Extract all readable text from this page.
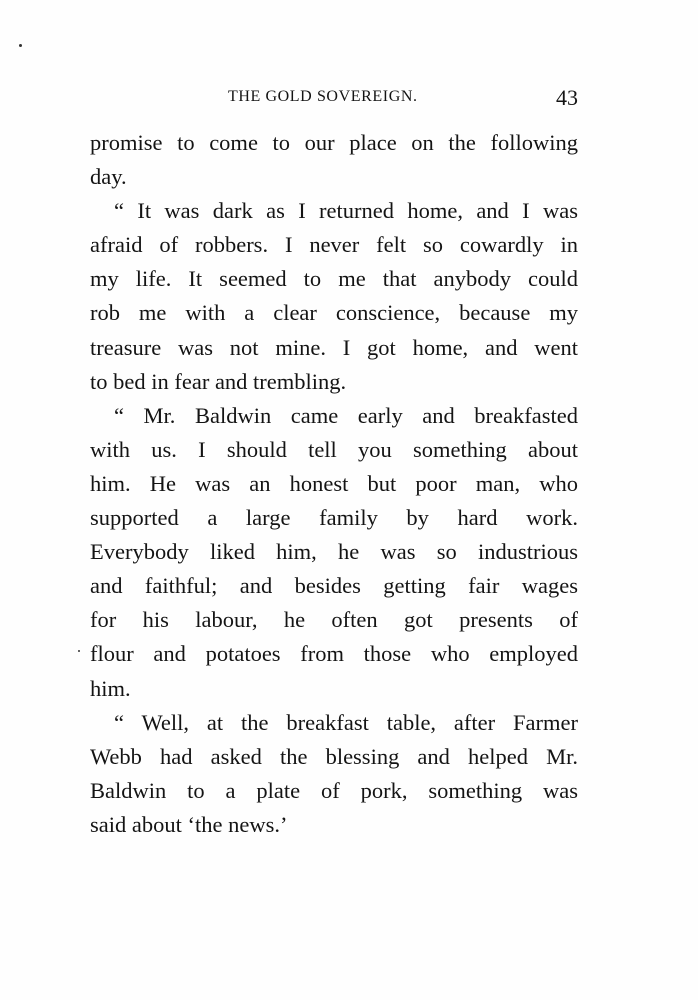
THE GOLD SOVEREIGN.	43

promise to come to our place on the following
day.

“ It was dark as I returned home, and I was
afraid of robbers. I never felt so cowardly in
my life. It seemed to me that anybody could
rob me with a clear conscience, because my
treasure was not mine. I got home, and went
to bed in fear and trembling.

“ Mr. Baldwin came early and breakfasted
with us. I should tell you something about
him. He was an honest but poor man, who
supported a large family by hard work.
Everybody liked him, he was so industrious
and faithful; and besides getting fair wages
for his labour, he often got presents of
flour and potatoes from those who employed
him.

“ Well, at the breakfast table, after Farmer
Webb had asked the blessing and helped Mr.
Baldwin to a plate of pork, something was
said about ‘the news.’
